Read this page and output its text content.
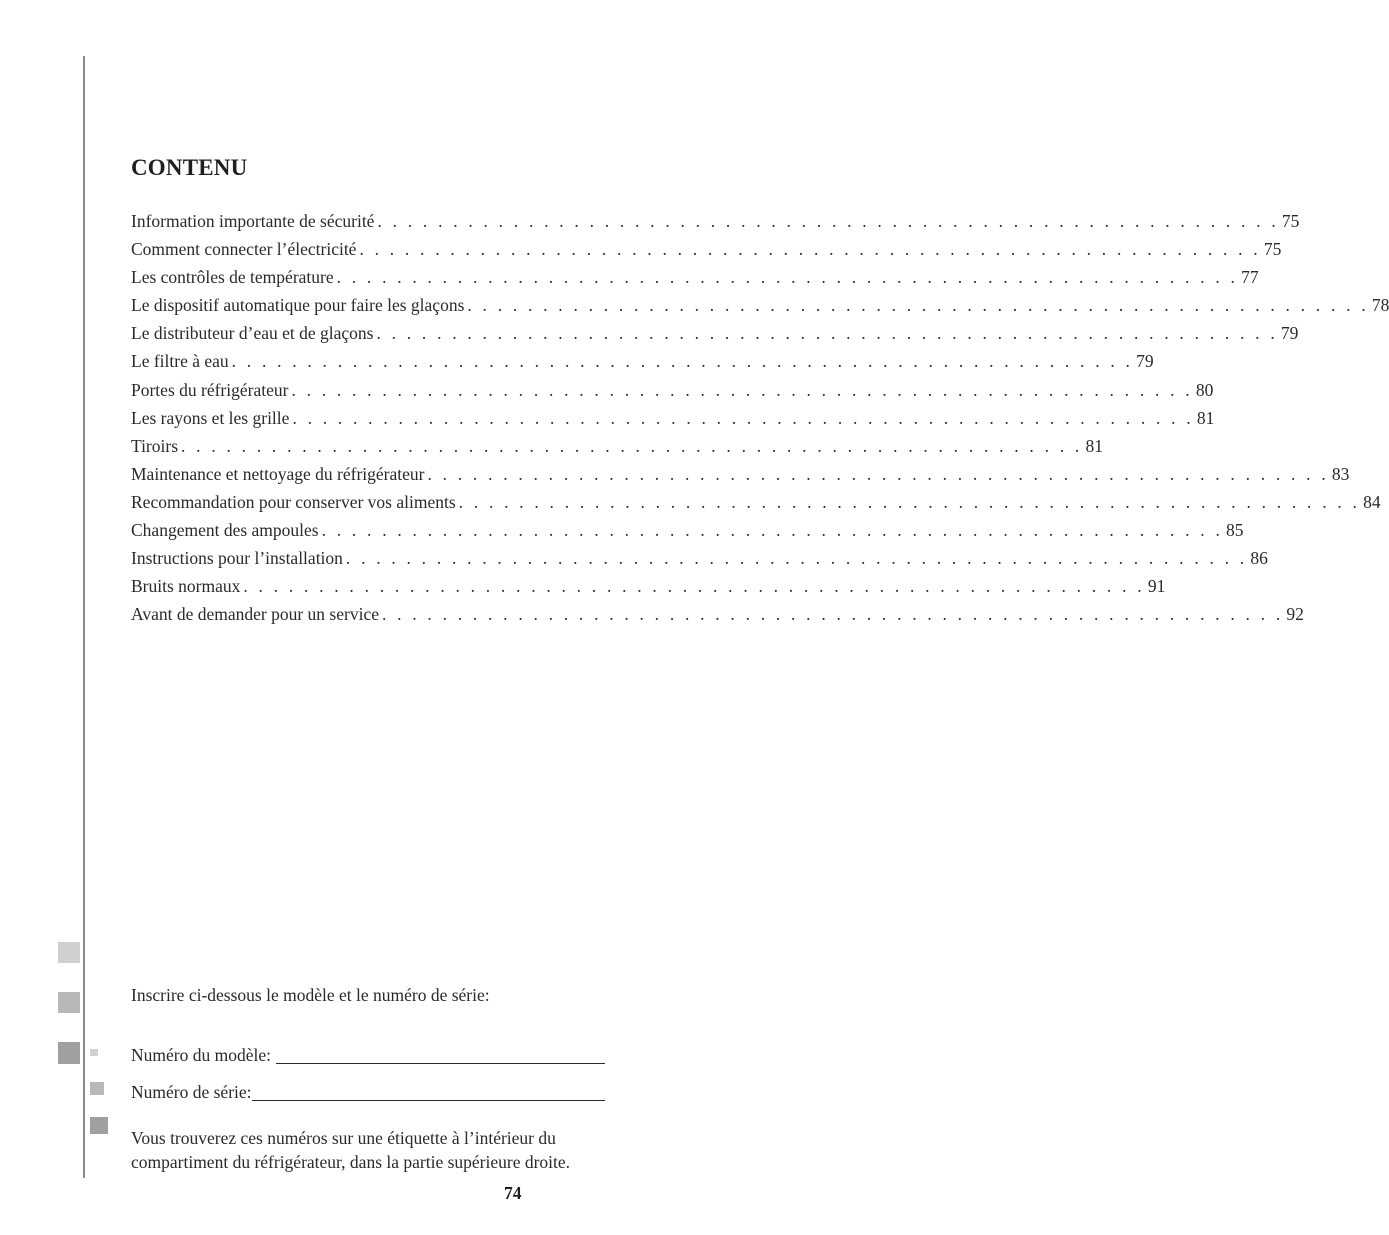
CONTENU
Information importante de sécurité . . . . . . . . . . . . . . . . . . . . . . . . . . . . . . . . . . . . . . . . . . . . . . . . . . . . . . . . . . . . 75
Comment connecter l’électricité . . . . . . . . . . . . . . . . . . . . . . . . . . . . . . . . . . . . . . . . . . . . . . . . . . . . . . . . . . . . 75
Les contrôles de température . . . . . . . . . . . . . . . . . . . . . . . . . . . . . . . . . . . . . . . . . . . . . . . . . . . . . . . . . . . . 77
Le dispositif automatique pour faire les glaçons . . . . . . . . . . . . . . . . . . . . . . . . . . . . . . . . . . . . . . . . . . . . . . . . . . . . . . . . . . . . 78
Le distributeur d’eau et de glaçons . . . . . . . . . . . . . . . . . . . . . . . . . . . . . . . . . . . . . . . . . . . . . . . . . . . . . . . . . . . . 79
Le filtre à eau . . . . . . . . . . . . . . . . . . . . . . . . . . . . . . . . . . . . . . . . . . . . . . . . . . . . . . . . . . . . 79
Portes du réfrigérateur . . . . . . . . . . . . . . . . . . . . . . . . . . . . . . . . . . . . . . . . . . . . . . . . . . . . . . . . . . . . 80
Les rayons et les grille . . . . . . . . . . . . . . . . . . . . . . . . . . . . . . . . . . . . . . . . . . . . . . . . . . . . . . . . . . . . 81
Tiroirs . . . . . . . . . . . . . . . . . . . . . . . . . . . . . . . . . . . . . . . . . . . . . . . . . . . . . . . . . . . . 81
Maintenance et nettoyage du réfrigérateur . . . . . . . . . . . . . . . . . . . . . . . . . . . . . . . . . . . . . . . . . . . . . . . . . . . . . . . . . . . . 83
Recommandation pour conserver vos aliments . . . . . . . . . . . . . . . . . . . . . . . . . . . . . . . . . . . . . . . . . . . . . . . . . . . . . . . . . . . . 84
Changement des ampoules . . . . . . . . . . . . . . . . . . . . . . . . . . . . . . . . . . . . . . . . . . . . . . . . . . . . . . . . . . . . 85
Instructions pour l’installation . . . . . . . . . . . . . . . . . . . . . . . . . . . . . . . . . . . . . . . . . . . . . . . . . . . . . . . . . . . . 86
Bruits normaux . . . . . . . . . . . . . . . . . . . . . . . . . . . . . . . . . . . . . . . . . . . . . . . . . . . . . . . . . . . . 91
Avant de demander pour un service . . . . . . . . . . . . . . . . . . . . . . . . . . . . . . . . . . . . . . . . . . . . . . . . . . . . . . . . . . . . 92
Inscrire ci-dessous le modèle et le numéro de série:
Numéro du modèle:
Numéro de série:
Vous trouverez ces numéros sur une étiquette à l’intérieur du
compartiment du réfrigérateur, dans la partie supérieure droite.
74
